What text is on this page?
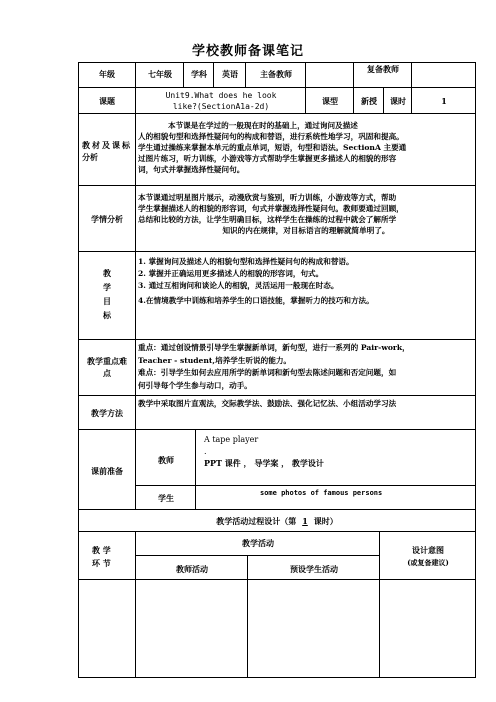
学校教师备课笔记
年级	七年级	学科	英语	主备教师	复备教师
课题
Unit9.What does he look
like?(SectionA1a-2d)
课型	新授	课时	1
教材及课标
分析
本节课是在学过的一般现在时的基础上，通过询问及描述
人的相貌句型和选择性疑问句的构成和替语，进行系统性地学习，巩固和提高。
学生通过操练来掌握本单元的重点单词，短语，句型和语法。SectionA 主要通
过图片练习，听力训练，小游戏等方式帮助学生掌握更多描述人的相貌的形容
词，句式并掌握选择性疑问句。
学情分析
本节课通过明星图片展示，动漫欣赏与鉴别，听力训练，小游戏等方式，帮助
学生掌握描述人的相貌的形容词，句式并掌握选择性疑问句。教师要通过回顾，
总结和比较的方法，让学生明确目标，这样学生在操练的过程中就会了解所学
知识的内在规律，对目标语言的理解就简单明了。
教
学
目
标
1. 掌握询问及描述人的相貌句型和选择性疑问句的构成和替语。
2. 掌握并正确运用更多描述人的相貌的形容词，句式。
3. 通过互相询问和谈论人的相貌，灵活运用一般现在时态。
4.在情境教学中训练和培养学生的口语技能，掌握听力的技巧和方法。
教学重点难
点
重点：通过创设情景引导学生掌握新单词，新句型，进行一系列的 Pair-work，
Teacher - student,培养学生听说的能力。
难点：引导学生如何去应用所学的新单词和新句型去陈述问题和否定问题，如
何引导每个学生参与动口，动手。
教学方法
教学中采取图片直观法，交际教学法、鼓励法、强化记忆法、小组活动学习法
课前准备
教师
A tape player
.
PPT 课件 ， 导学案 ， 教学设计
学生	some photos of famous persons
教学活动过程设计（第 1 课时）
教 学
环 节
教学活动
教师活动	预设学生活动
设计意图
(或复备建议)
